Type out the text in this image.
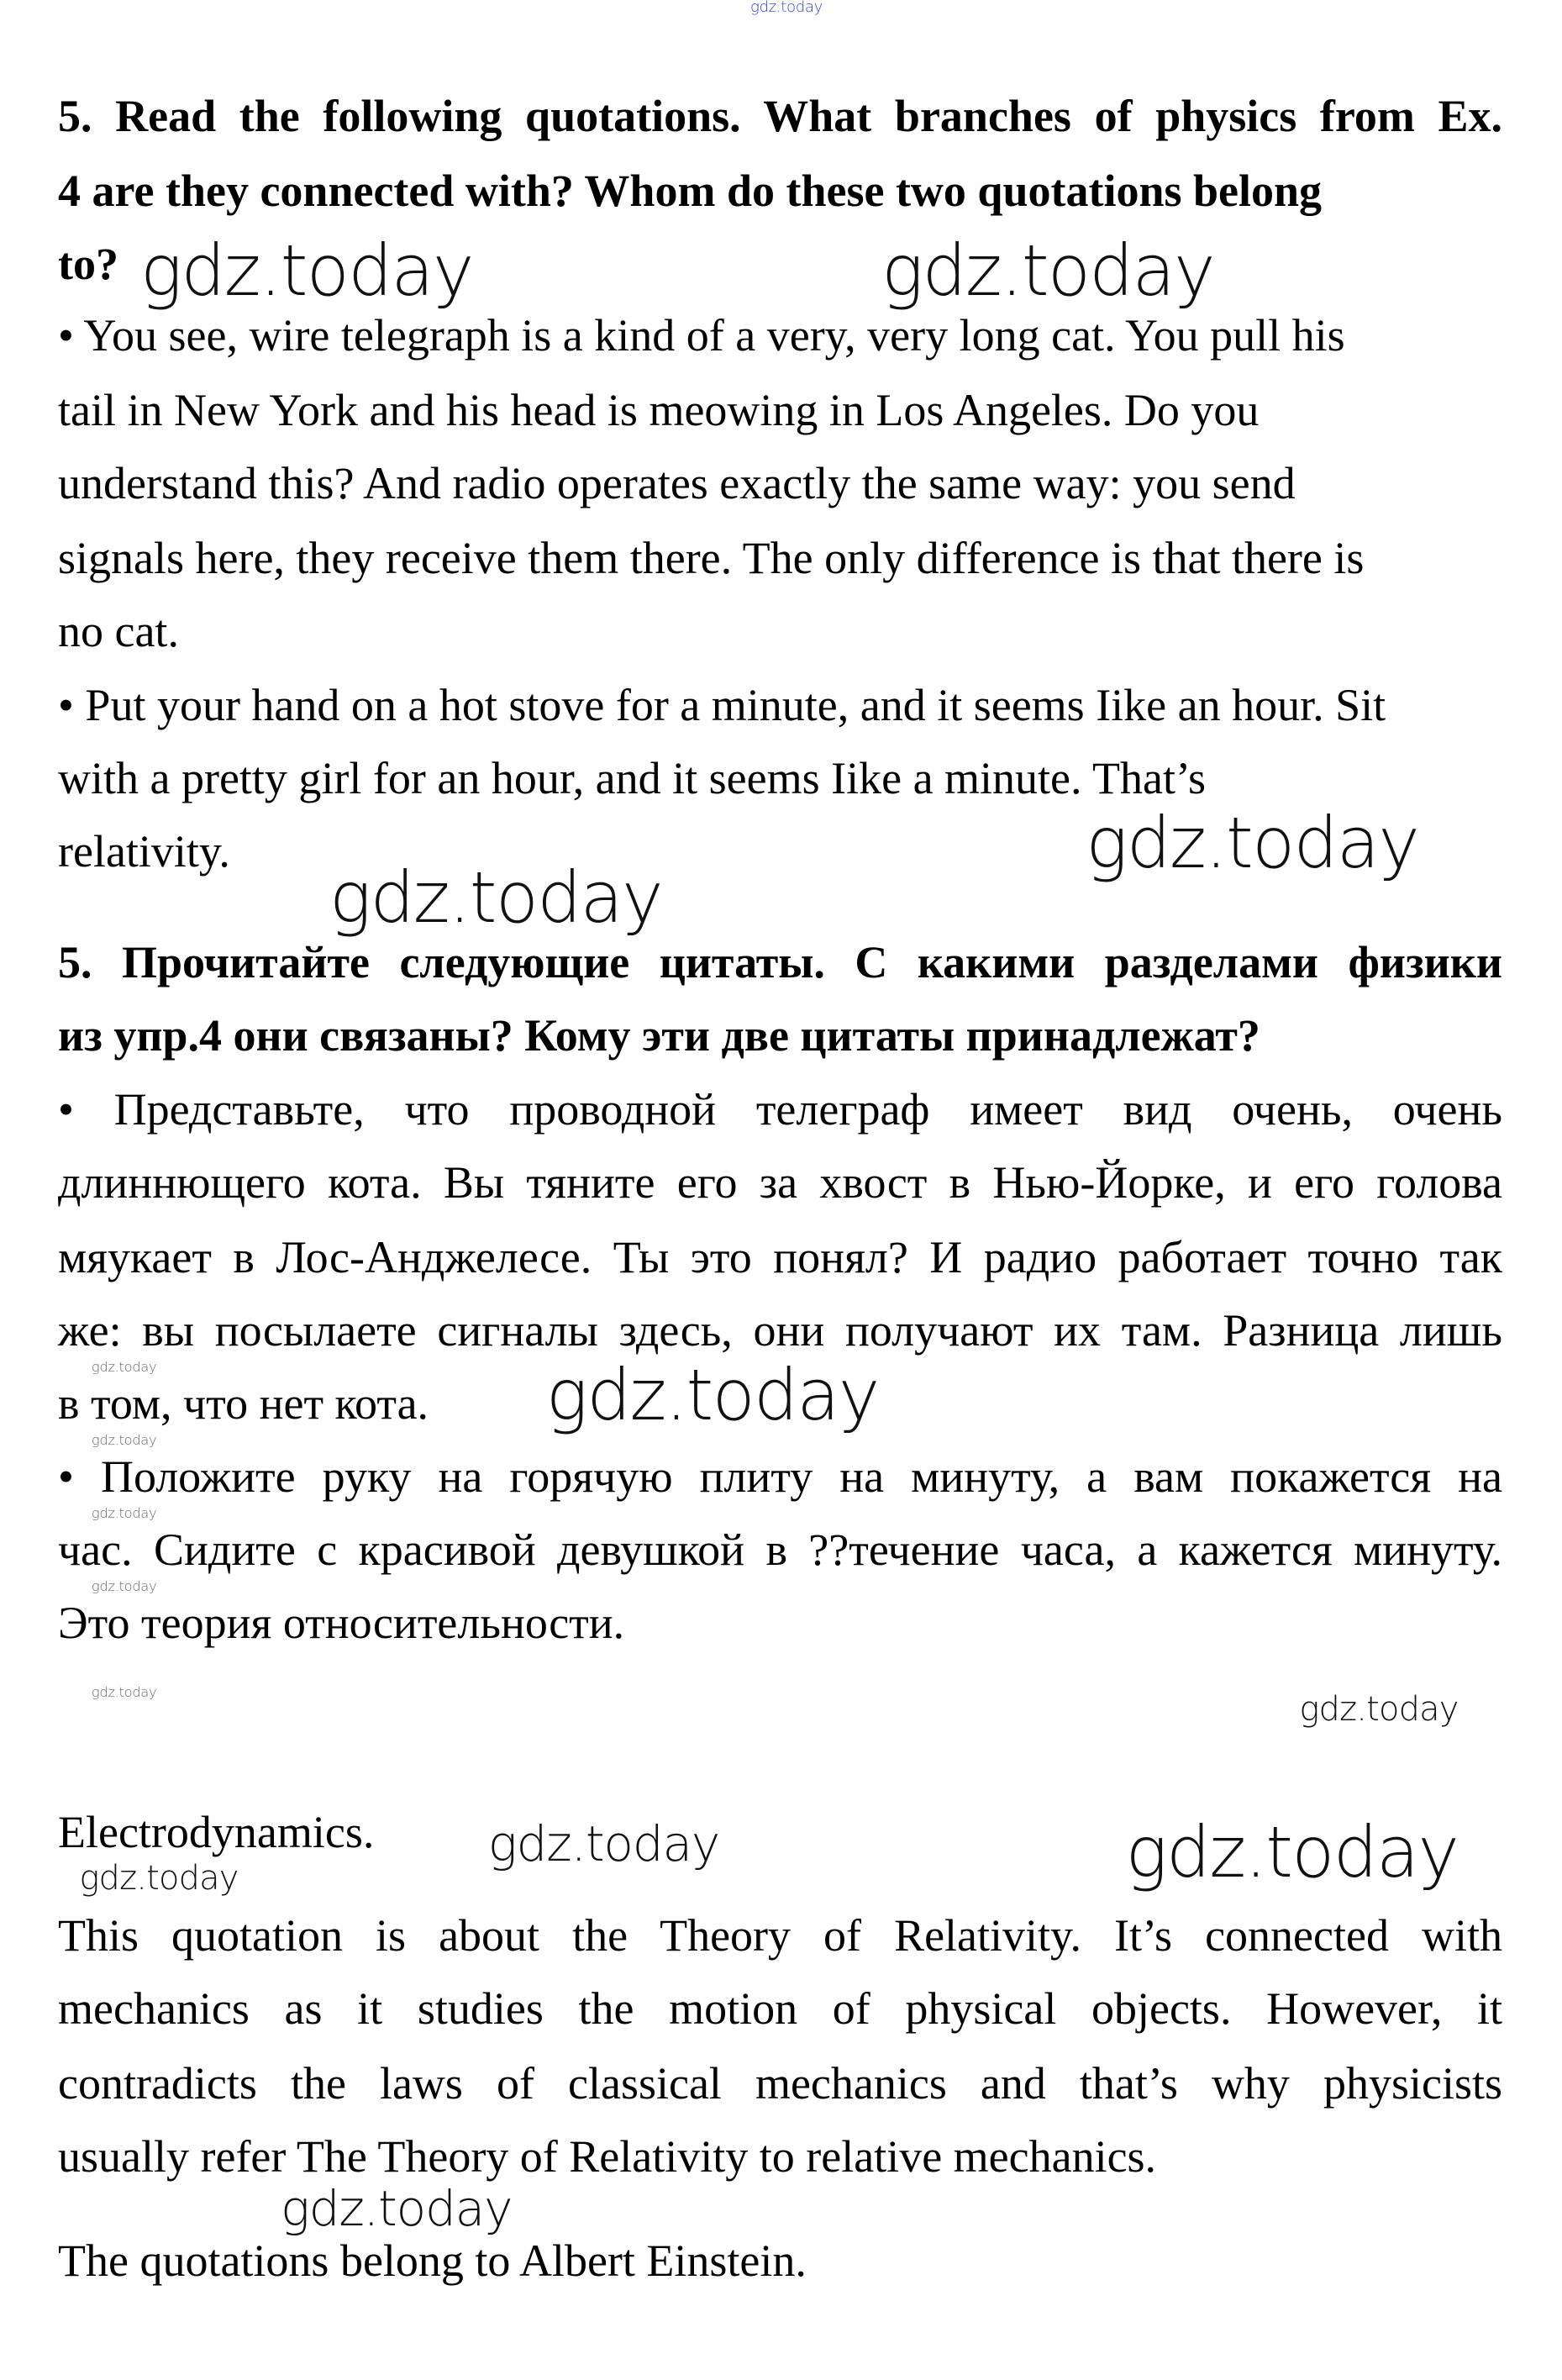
5. Read the following quotations. What branches of physics from Ex.
4 are they connected with? Whom do these two quotations belong
to?
• You see, wire telegraph is a kind of a very, very long cat. You pull his
tail in New York and his head is meowing in Los Angeles. Do you
understand this? And radio operates exactly the same way: you send
signals here, they receive them there. The only difference is that there is
no cat.
• Put your hand on a hot stove for a minute, and it seems Iike an hour. Sit
with a pretty girl for an hour, and it seems Iike a minute. That’s
relativity.
5. Прочитайте следующие цитаты. С какими разделами физики
из упр.4 они связаны? Кому эти две цитаты принадлежат?
• Представьте, что проводной телеграф имеет вид очень, очень
длиннющего кота. Вы тяните его за хвост в Нью-Йорке, и его голова
мяукает в Лос-Анджелесе. Ты это понял? И радио работает точно так
же: вы посылаете сигналы здесь, они получают их там. Разница лишь
в том, что нет кота.
• Положите руку на горячую плиту на минуту, а вам покажется на
час. Сидите с красивой девушкой в ??течение часа, а кажется минуту.
Это теория относительности.
Electrodynamics.
This quotation is about the Theory of Relativity. It’s connected with
mechanics as it studies the motion of physical objects. However, it
contradicts the laws of classical mechanics and that’s why physicists
usually refer The Theory of Relativity to relative mechanics.
The quotations belong to Albert Einstein.
gdz.today
gdz.today	gdz.today
gdz.today
gdz.today
gdz.today
gdz.today
gdz.today
gdz.today
gdz.today
gdz.today
gdz.today
gdz.today
gdz.today
gdz.today
gdz.today
